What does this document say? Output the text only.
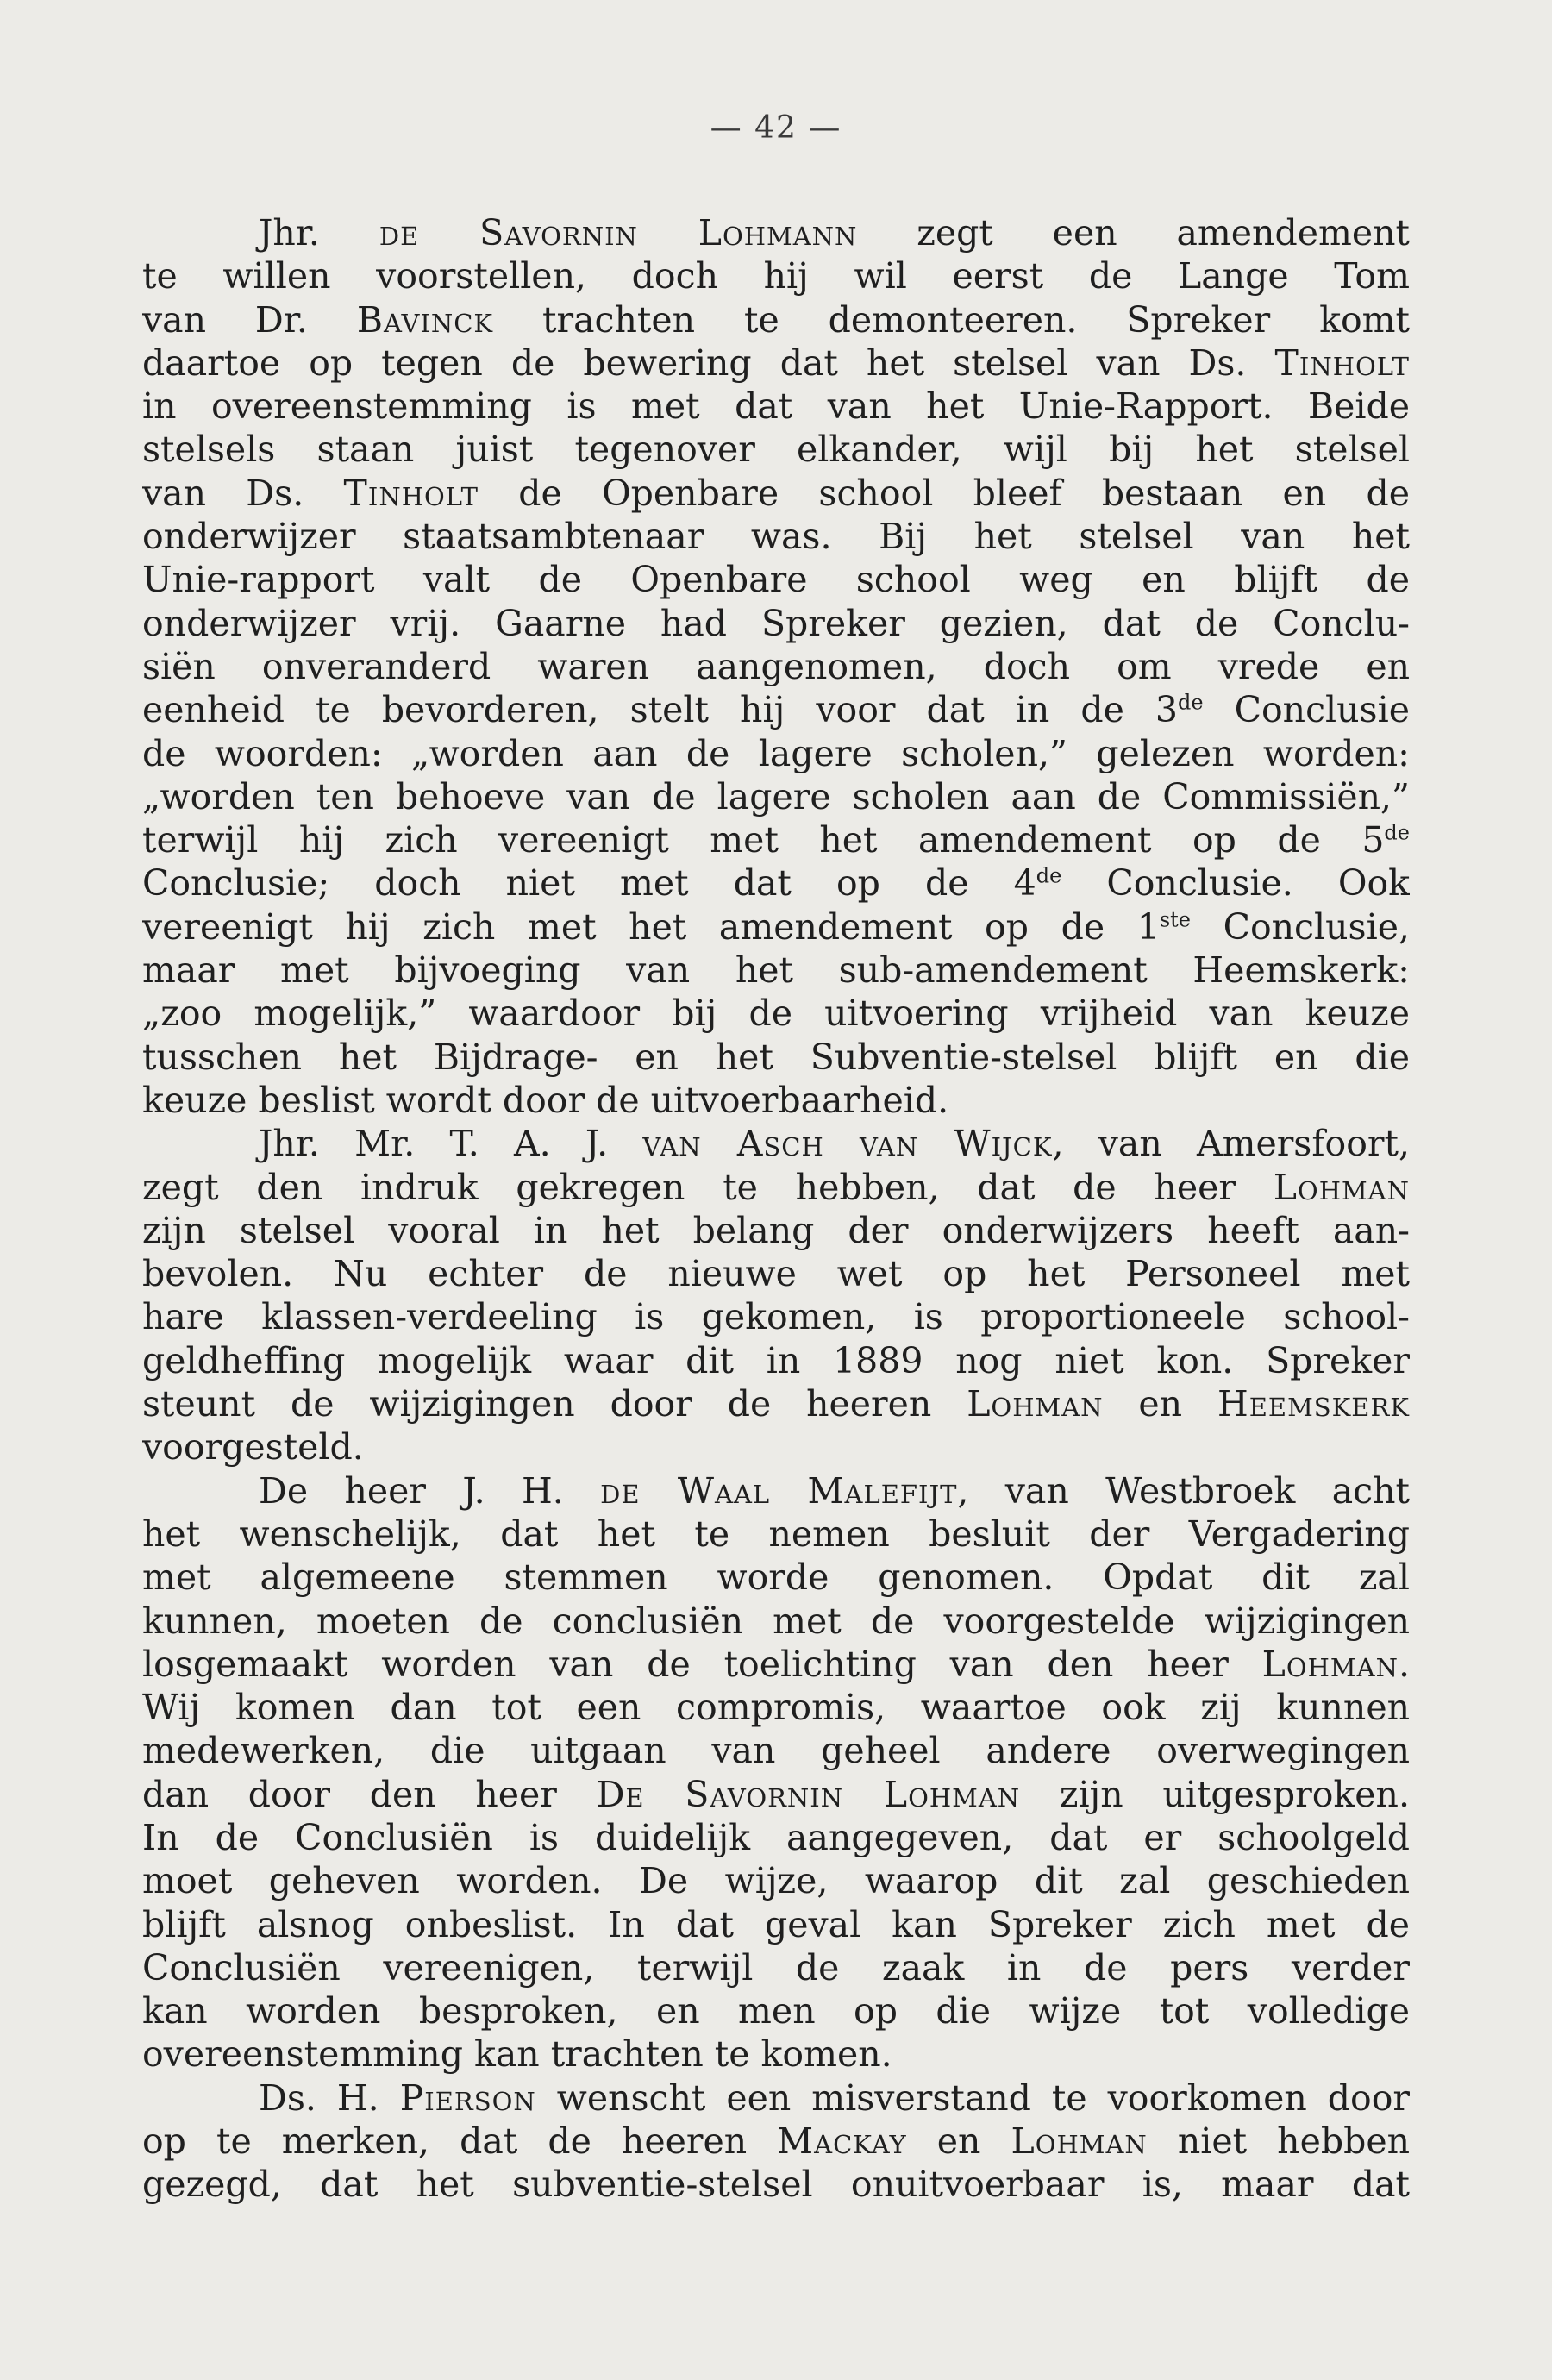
— 42 —
Jhr. de Savornin Lohmann zegt een amendement
te willen voorstellen, doch hij wil eerst de Lange Tom
van Dr. Bavinck trachten te demonteeren. Spreker komt
daartoe op tegen de bewering dat het stelsel van Ds. Tinholt
in overeenstemming is met dat van het Unie-Rapport. Beide
stelsels staan juist tegenover elkander, wijl bij het stelsel
van Ds. Tinholt de Openbare school bleef bestaan en de
onderwijzer staatsambtenaar was. Bij het stelsel van het
Unie-rapport valt de Openbare school weg en blijft de
onderwijzer vrij. Gaarne had Spreker gezien, dat de Conclu-
siën onveranderd waren aangenomen, doch om vrede en
eenheid te bevorderen, stelt hij voor dat in de 3de Conclusie
de woorden: „worden aan de lagere scholen,” gelezen worden:
„worden ten behoeve van de lagere scholen aan de Commissiën,”
terwijl hij zich vereenigt met het amendement op de 5de
Conclusie; doch niet met dat op de 4de Conclusie. Ook
vereenigt hij zich met het amendement op de 1ste Conclusie,
maar met bijvoeging van het sub-amendement Heemskerk:
„zoo mogelijk,” waardoor bij de uitvoering vrijheid van keuze
tusschen het Bijdrage- en het Subventie-stelsel blijft en die
keuze beslist wordt door de uitvoerbaarheid.
Jhr. Mr. T. A. J. van Asch van Wijck, van Amersfoort,
zegt den indruk gekregen te hebben, dat de heer Lohman
zijn stelsel vooral in het belang der onderwijzers heeft aan-
bevolen. Nu echter de nieuwe wet op het Personeel met
hare klassen-verdeeling is gekomen, is proportioneele school-
geldheffing mogelijk waar dit in 1889 nog niet kon. Spreker
steunt de wijzigingen door de heeren Lohman en Heemskerk
voorgesteld.
De heer J. H. de Waal Malefijt, van Westbroek acht
het wenschelijk, dat het te nemen besluit der Vergadering
met algemeene stemmen worde genomen. Opdat dit zal
kunnen, moeten de conclusiën met de voorgestelde wijzigingen
losgemaakt worden van de toelichting van den heer Lohman.
Wij komen dan tot een compromis, waartoe ook zij kunnen
medewerken, die uitgaan van geheel andere overwegingen
dan door den heer De Savornin Lohman zijn uitgesproken.
In de Conclusiën is duidelijk aangegeven, dat er schoolgeld
moet geheven worden. De wijze, waarop dit zal geschieden
blijft alsnog onbeslist. In dat geval kan Spreker zich met de
Conclusiën vereenigen, terwijl de zaak in de pers verder
kan worden besproken, en men op die wijze tot volledige
overeenstemming kan trachten te komen.
Ds. H. Pierson wenscht een misverstand te voorkomen door
op te merken, dat de heeren Mackay en Lohman niet hebben
gezegd, dat het subventie-stelsel onuitvoerbaar is, maar dat
